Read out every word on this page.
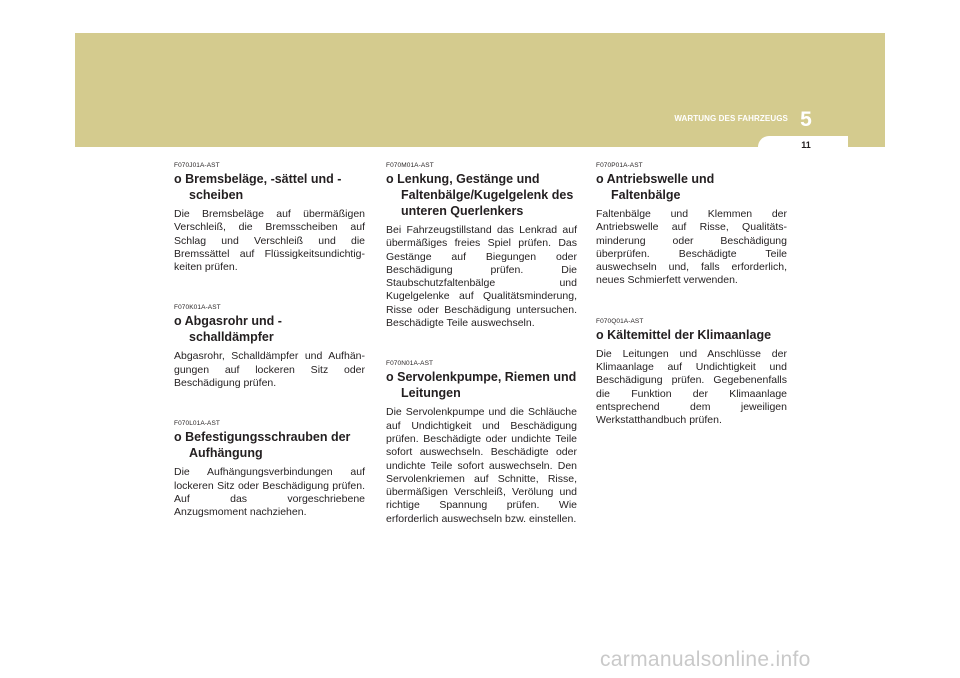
5
WARTUNG DES FAHRZEUGS
11
F070J01A-AST
o Bremsbeläge, -sättel und - scheiben

Die Bremsbeläge auf übermäßigen Verschleiß, die Bremsscheiben auf Schlag und Verschleiß und die Bremssättel auf Flüssigkeitsundichtig- keiten prüfen.

F070K01A-AST
o Abgasrohr und - schalldämpfer

Abgasrohr, Schalldämpfer und Aufhän- gungen auf lockeren Sitz oder Beschädigung prüfen.

F070L01A-AST
o Befestigungsschrauben der Aufhängung

Die Aufhängungsverbindungen auf lockeren Sitz oder Beschädigung prüfen. Auf das vorgeschriebene Anzugsmoment nachziehen.

F070M01A-AST
o Lenkung, Gestänge und Faltenbälge/Kugelgelenk des unteren Querlenkers

Bei Fahrzeugstillstand das Lenkrad auf übermäßiges freies Spiel prüfen. Das Gestänge auf Biegungen oder Beschädigung prüfen. Die Staubschutzfaltenbälge und Kugelgelenke auf Qualitätsminderung, Risse oder Beschädigung untersuchen. Beschädigte Teile auswechseln.

F070N01A-AST
o Servolenkpumpe, Riemen und Leitungen

Die Servolenkpumpe und die Schläuche auf Undichtigkeit und Beschädigung prüfen. Beschädigte oder undichte Teile sofort auswechseln. Beschädigte oder undichte Teile sofort auswechseln. Den Servolenkriemen auf Schnitte, Risse, übermäßigen Verschleiß, Verölung und richtige Spannung prüfen. Wie erforderlich auswechseln bzw. einstellen.

F070P01A-AST
o Antriebswelle und Faltenbälge

Faltenbälge und Klemmen der Antriebswelle auf Risse, Qualitäts- minderung oder Beschädigung überprüfen. Beschädigte Teile auswechseln und, falls erforderlich, neues Schmierfett verwenden.

F070Q01A-AST
o Kältemittel der Klimaanlage

Die Leitungen und Anschlüsse der Klimaanlage auf Undichtigkeit und Beschädigung prüfen. Gegebenenfalls die Funktion der Klimaanlage entsprechend dem jeweiligen Werkstatthandbuch prüfen.

carmanualsonline.info
